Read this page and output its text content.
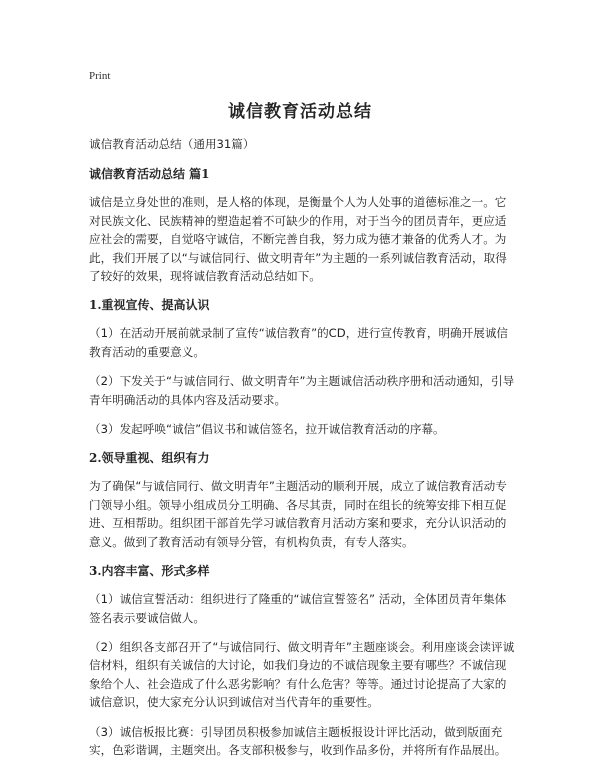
Print
诚信教育活动总结

诚信教育活动总结（通用31篇）

诚信教育活动总结 篇1

诚信是立身处世的准则，是人格的体现，是衡量个人为人处事的道德标准之一。它对民族文化、民族精神的塑造起着不可缺少的作用，对于当今的团员青年，更应适应社会的需要，自觉咯守诚信，不断完善自我，努力成为德才兼备的优秀人才。为此，我们开展了以“与诚信同行、做文明青年”为主题的一系列诚信教育活动，取得了较好的效果，现将诚信教育活动总结如下。

1.重视宣传、提高认识

（1）在活动开展前就录制了宣传“诚信教育”的CD，进行宣传教育，明确开展诚信教育活动的重要意义。

（2）下发关于“与诚信同行、做文明青年”为主题诚信活动秩序册和活动通知，引导青年明确活动的具体内容及活动要求。

（3）发起呼唤“诚信”倡议书和诚信签名，拉开诚信教育活动的序幕。

2.领导重视、组织有力

为了确保“与诚信同行、做文明青年”主题活动的顺利开展，成立了诚信教育活动专门领导小组。领导小组成员分工明确、各尽其责，同时在组长的统筹安排下相互促进、互相帮助。组织团干部首先学习诚信教育月活动方案和要求，充分认识活动的意义。做到了教育活动有领导分管，有机构负责，有专人落实。

3.内容丰富、形式多样

（1）诚信宣誓活动：组织进行了隆重的“诚信宣誓签名” 活动，全体团员青年集体签名表示要诚信做人。

（2）组织各支部召开了“与诚信同行、做文明青年”主题座谈会。利用座谈会读评诚信材料，组织有关诚信的大讨论，如我们身边的不诚信现象主要有哪些？不诚信现象给个人、社会造成了什么恶劣影响？有什么危害？等等。通过讨论提高了大家的诚信意识，使大家充分认识到诚信对当代青年的重要性。

（3）诚信板报比赛：引导团员积极参加诚信主题板报设计评比活动，做到版面充实，色彩谐调，主题突出。各支部积极参与，收到作品多份，并将所有作品展出。
